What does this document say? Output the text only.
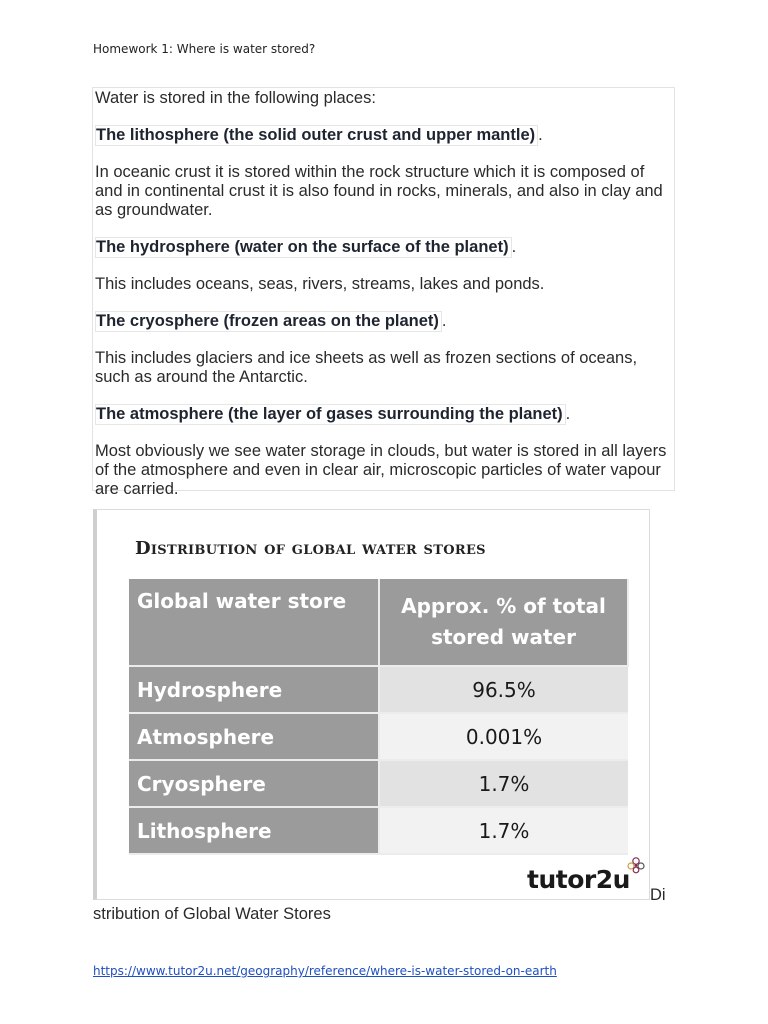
Homework 1: Where is water stored?

Water is stored in the following places:

The lithosphere (the solid outer crust and upper mantle) .

In oceanic crust it is stored within the rock structure which it is composed of and in continental crust it is also found in rocks, minerals, and also in clay and as groundwater.

The hydrosphere (water on the surface of the planet) .

This includes oceans, seas, rivers, streams, lakes and ponds.

The cryosphere (frozen areas on the planet) .

This includes glaciers and ice sheets as well as frozen sections of oceans, such as around the Antarctic.

The atmosphere (the layer of gases surrounding the planet) .

Most obviously we see water storage in clouds, but water is stored in all layers of the atmosphere and even in clear air, microscopic particles of water vapour are carried.

Distribution of global water stores
Global water store	Approx. % of total stored water
Hydrosphere	96.5%
Atmosphere	0.001%
Cryosphere	1.7%
Lithosphere	1.7%
tutor2u
Di
stribution of Global Water Stores
https://www.tutor2u.net/geography/reference/where-is-water-stored-on-earth
